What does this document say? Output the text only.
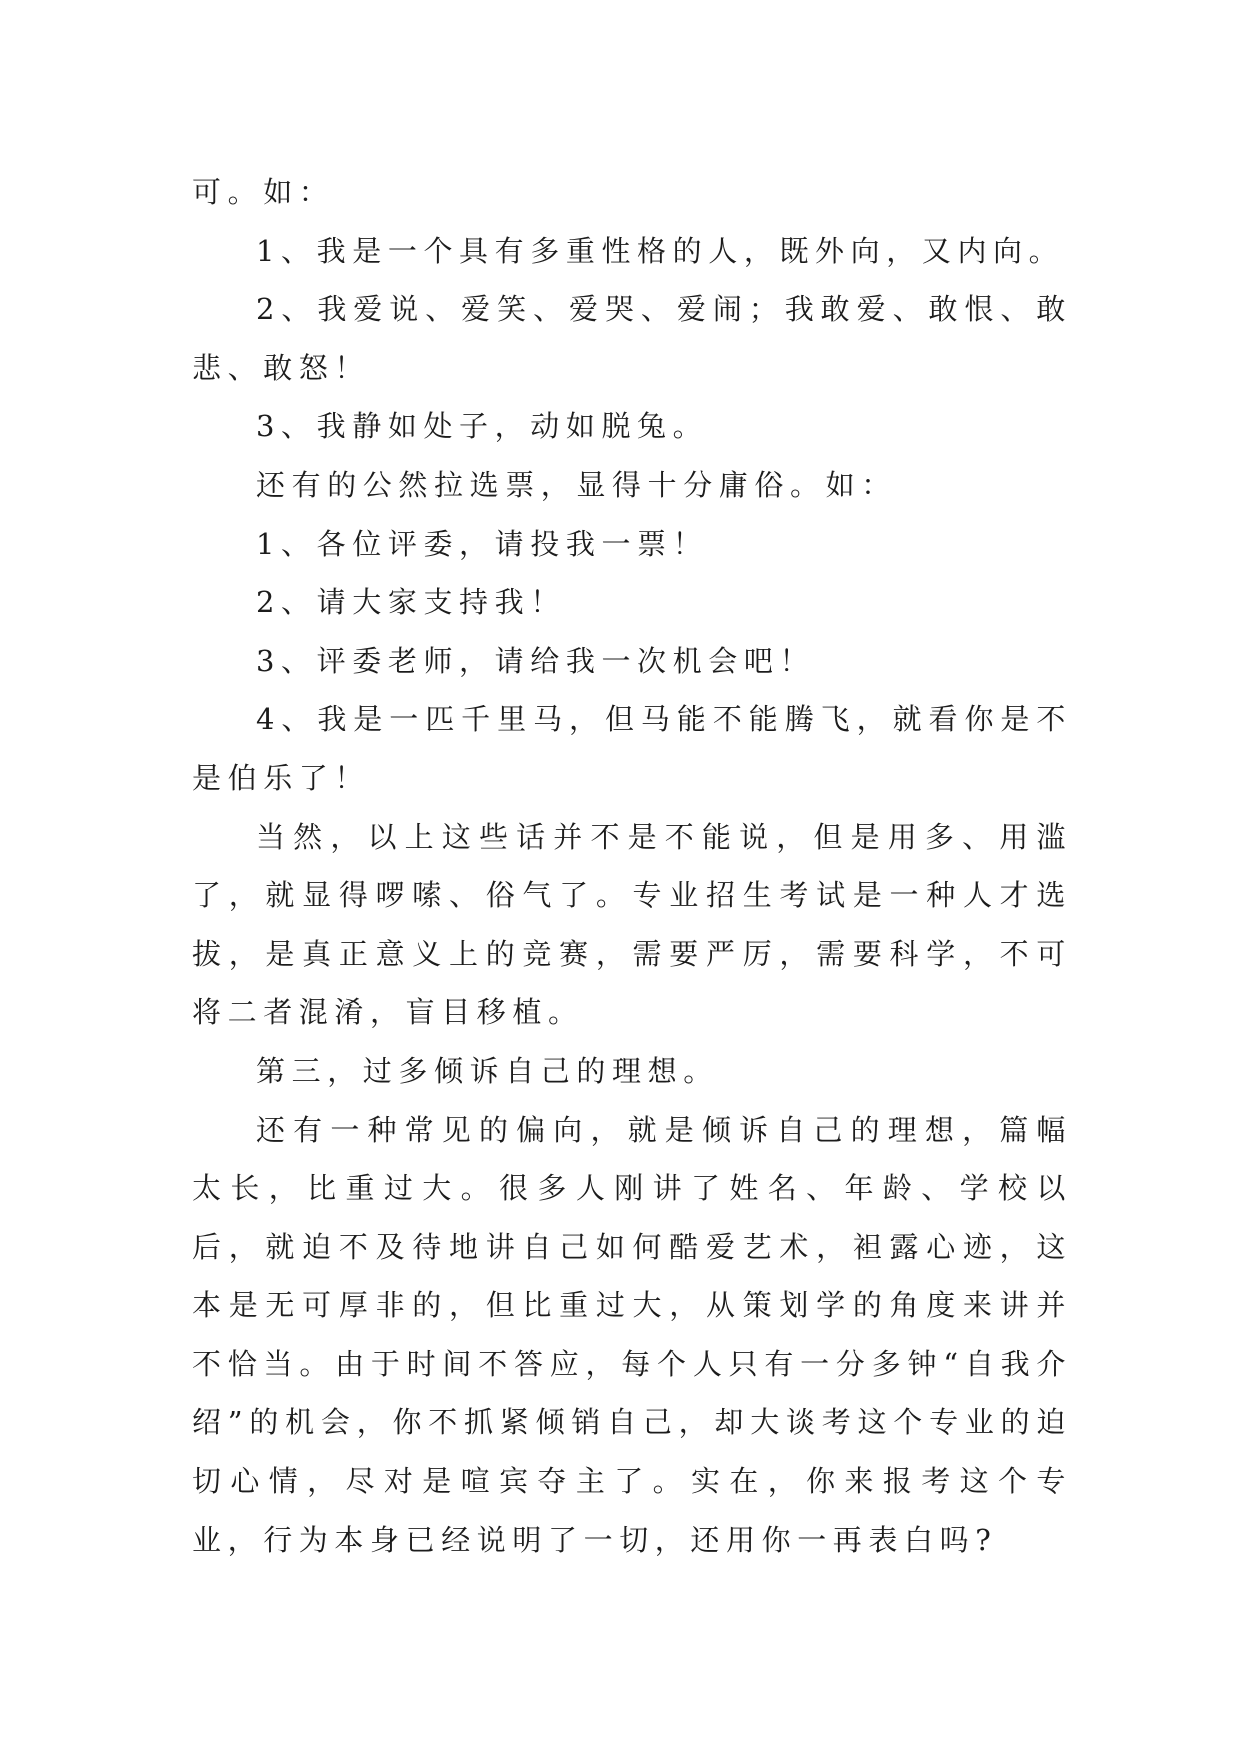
可。如：

1、我是一个具有多重性格的人，既外向，又内向。

2、我爱说、爱笑、爱哭、爱闹；我敢爱、敢恨、敢悲、敢怒！

3、我静如处子，动如脱兔。

还有的公然拉选票，显得十分庸俗。如：

1、各位评委，请投我一票！

2、请大家支持我！

3、评委老师，请给我一次机会吧！

4、我是一匹千里马，但马能不能腾飞，就看你是不是伯乐了！

当然，以上这些话并不是不能说，但是用多、用滥了，就显得啰嗦、俗气了。专业招生考试是一种人才选拔，是真正意义上的竞赛，需要严厉，需要科学，不可将二者混淆，盲目移植。

第三，过多倾诉自己的理想。

还有一种常见的偏向，就是倾诉自己的理想，篇幅太长，比重过大。很多人刚讲了姓名、年龄、学校以后，就迫不及待地讲自己如何酷爱艺术，袒露心迹，这本是无可厚非的，但比重过大，从策划学的角度来讲并不恰当。由于时间不答应，每个人只有一分多钟“自我介绍”的机会，你不抓紧倾销自己，却大谈考这个专业的迫切心情，尽对是喧宾夺主了。实在，你来报考这个专业，行为本身已经说明了一切，还用你一再表白吗?
